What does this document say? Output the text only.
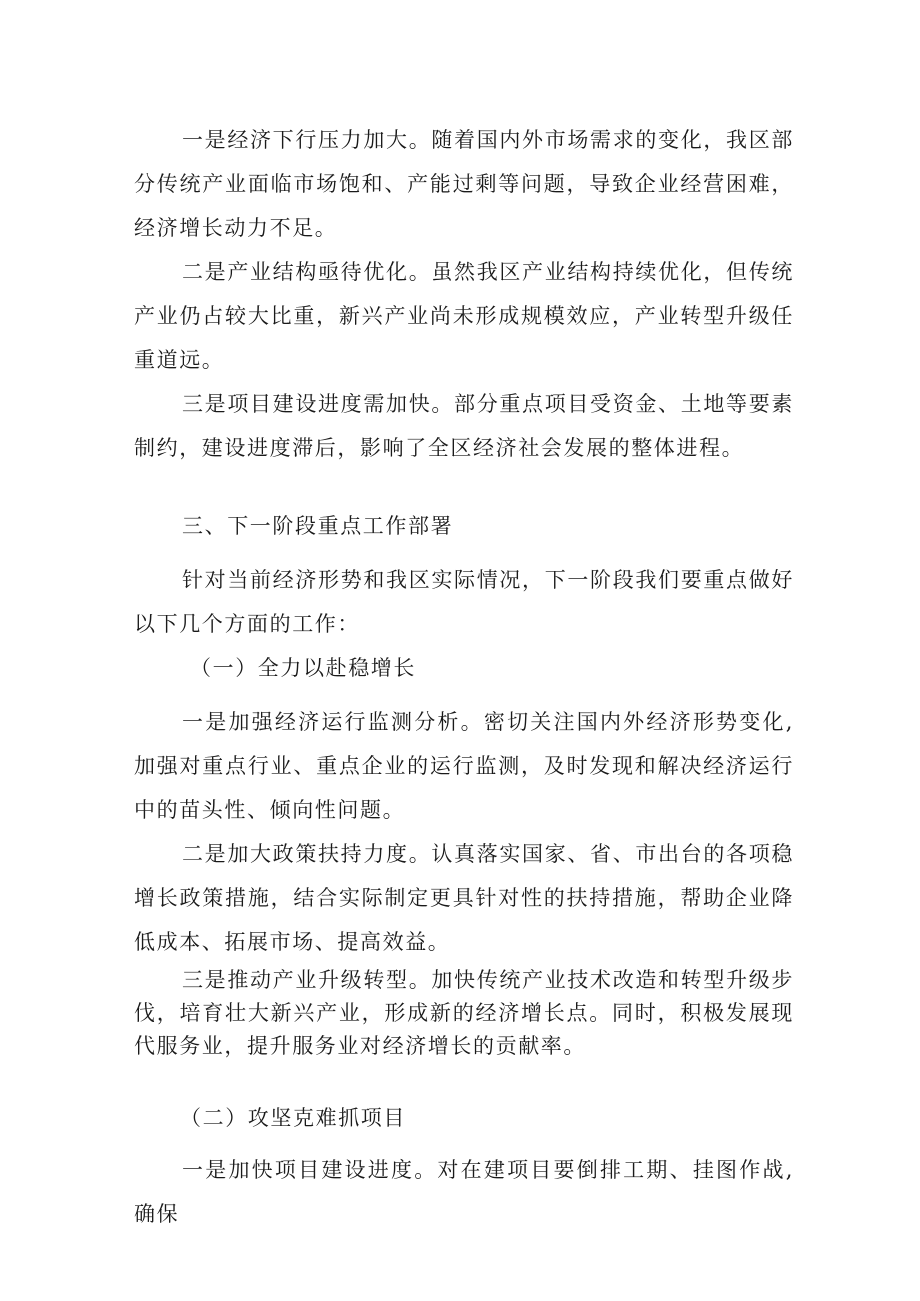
一是经济下行压力加大。随着国内外市场需求的变化，我区部分传统产业面临市场饱和、产能过剩等问题，导致企业经营困难，经济增长动力不足。

二是产业结构亟待优化。虽然我区产业结构持续优化，但传统产业仍占较大比重，新兴产业尚未形成规模效应，产业转型升级任重道远。

三是项目建设进度需加快。部分重点项目受资金、土地等要素制约，建设进度滞后，影响了全区经济社会发展的整体进程。

三、下一阶段重点工作部署

针对当前经济形势和我区实际情况，下一阶段我们要重点做好以下几个方面的工作：

（一）全力以赴稳增长

一是加强经济运行监测分析。密切关注国内外经济形势变化,加强对重点行业、重点企业的运行监测，及时发现和解决经济运行中的苗头性、倾向性问题。

二是加大政策扶持力度。认真落实国家、省、市出台的各项稳增长政策措施，结合实际制定更具针对性的扶持措施，帮助企业降低成本、拓展市场、提高效益。

三是推动产业升级转型。加快传统产业技术改造和转型升级步伐，培育壮大新兴产业，形成新的经济增长点。同时，积极发展现代服务业，提升服务业对经济增长的贡献率。

（二）攻坚克难抓项目

一是加快项目建设进度。对在建项目要倒排工期、挂图作战,确保
